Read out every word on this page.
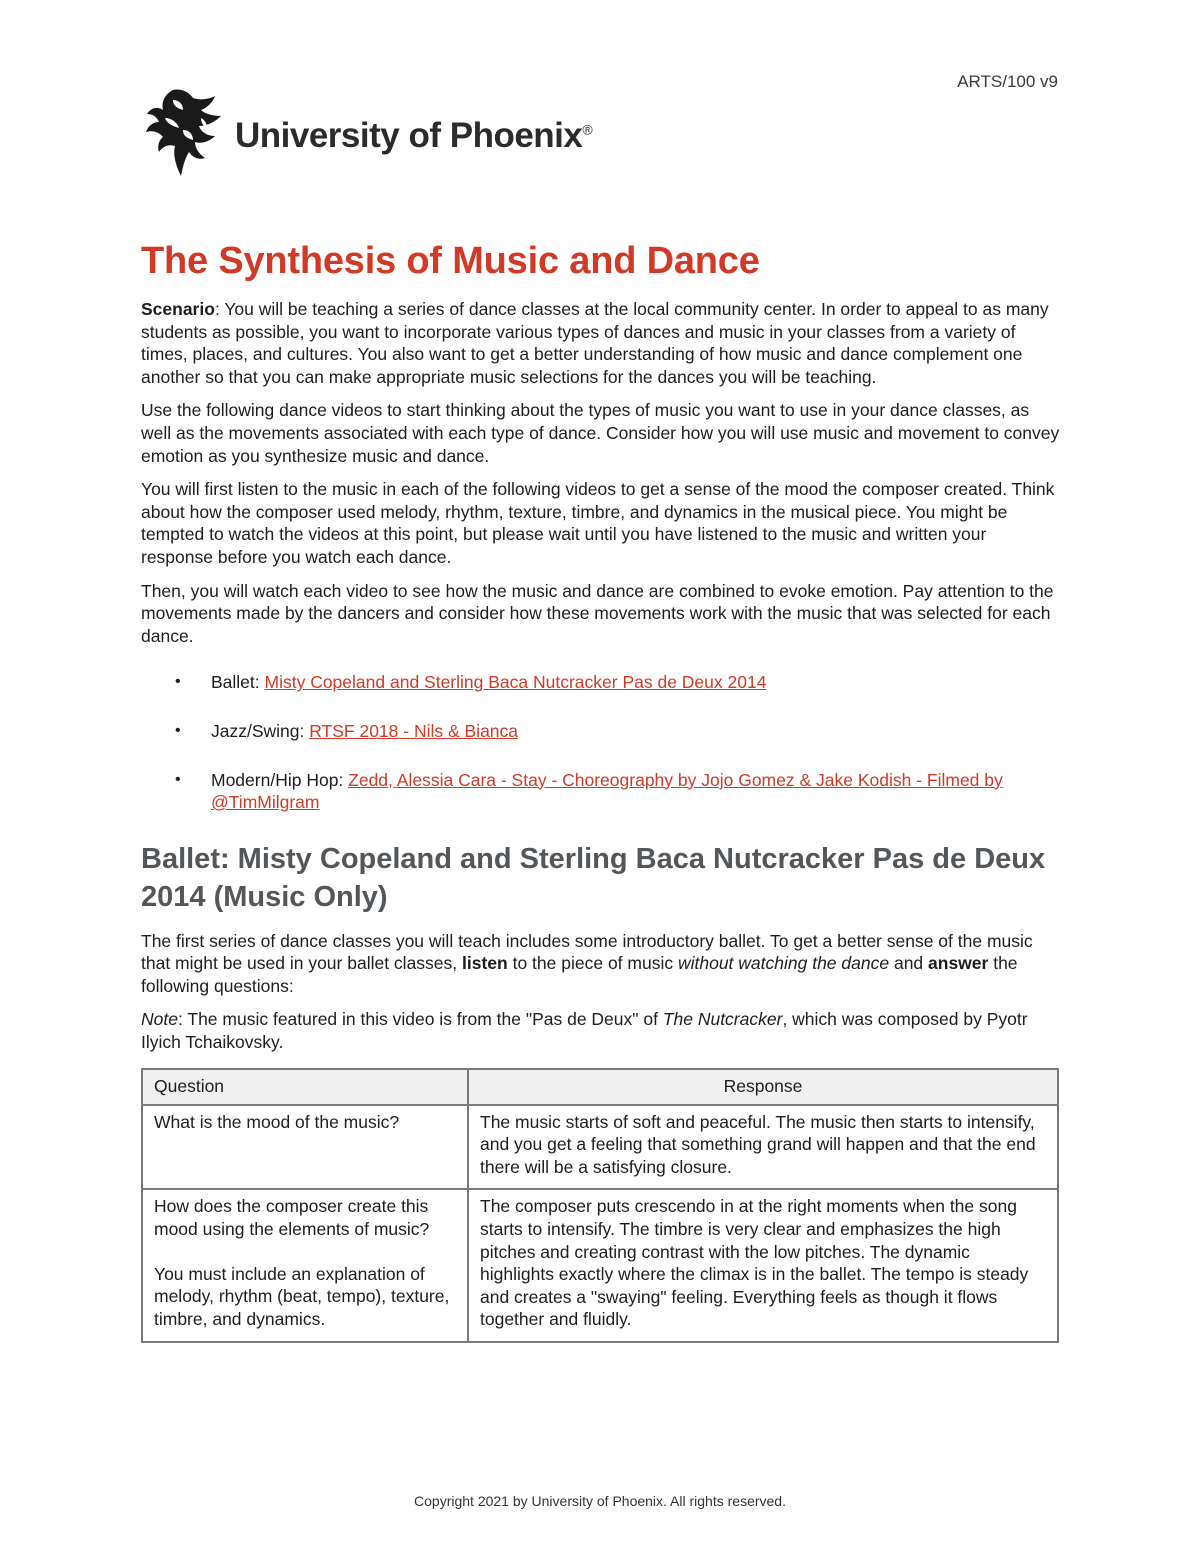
ARTS/100 v9
University of Phoenix®
The Synthesis of Music and Dance

Scenario: You will be teaching a series of dance classes at the local community center. In order to appeal to as many students as possible, you want to incorporate various types of dances and music in your classes from a variety of times, places, and cultures. You also want to get a better understanding of how music and dance complement one another so that you can make appropriate music selections for the dances you will be teaching.

Use the following dance videos to start thinking about the types of music you want to use in your dance classes, as well as the movements associated with each type of dance. Consider how you will use music and movement to convey emotion as you synthesize music and dance.

You will first listen to the music in each of the following videos to get a sense of the mood the composer created. Think about how the composer used melody, rhythm, texture, timbre, and dynamics in the musical piece. You might be tempted to watch the videos at this point, but please wait until you have listened to the music and written your response before you watch each dance.

Then, you will watch each video to see how the music and dance are combined to evoke emotion. Pay attention to the movements made by the dancers and consider how these movements work with the music that was selected for each dance.

• Ballet: Misty Copeland and Sterling Baca Nutcracker Pas de Deux 2014
• Jazz/Swing: RTSF 2018 - Nils & Bianca
• Modern/Hip Hop: Zedd, Alessia Cara - Stay - Choreography by Jojo Gomez & Jake Kodish - Filmed by @TimMilgram
Ballet: Misty Copeland and Sterling Baca Nutcracker Pas de Deux 2014 (Music Only)

The first series of dance classes you will teach includes some introductory ballet. To get a better sense of the music that might be used in your ballet classes, listen to the piece of music without watching the dance and answer the following questions:

Note: The music featured in this video is from the "Pas de Deux" of The Nutcracker, which was composed by Pyotr Ilyich Tchaikovsky.

Question	Response
What is the mood of the music?	The music starts of soft and peaceful. The music then starts to intensify, and you get a feeling that something grand will happen and that the end there will be a satisfying closure.

How does the composer create this mood using the elements of music?

You must include an explanation of melody, rhythm (beat, tempo), texture, timbre, and dynamics.	The composer puts crescendo in at the right moments when the song starts to intensify. The timbre is very clear and emphasizes the high pitches and creating contrast with the low pitches. The dynamic highlights exactly where the climax is in the ballet. The tempo is steady and creates a "swaying" feeling. Everything feels as though it flows together and fluidly.
Copyright 2021 by University of Phoenix. All rights reserved.
